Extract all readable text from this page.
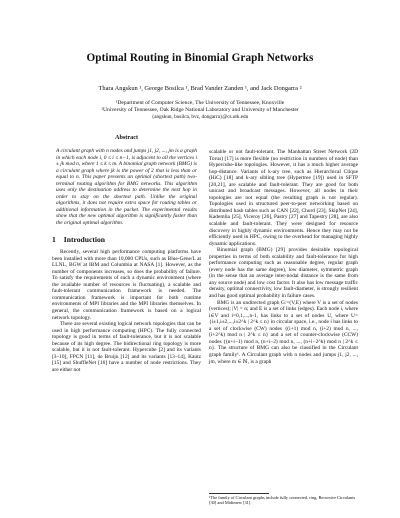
Optimal Routing in Binomial Graph Networks
Thara Angskun ¹, George Bosilca ¹, Brad Vander Zanden ¹, and Jack Dongarra ²
¹Department of Computer Science, The University of Tennessee, Knoxville
²University of Tennessee, Oak Ridge National Laboratory and University of Manchester
{angskun, bosilca, bvz, dongarra}@cs.utk.edu
Abstract

A circulant graph with n nodes and jumps j1, j2, ..., jm is a graph in which each node i, 0 ≤ i ≤ n−1, is adjacent to all the vertices i ± jk mod n, where 1 ≤ k ≤ m. A binomial graph network (BMG) is a circulant graph where jk is the power of 2 that is less than or equal to n. This paper presents an optimal (shortest path) two-terminal routing algorithm for BMG networks. This algorithm uses only the destination address to determine the next hop in order to stay on the shortest path. Unlike the original algorithms, it does not require extra space for routing tables or additional information in the packet. The experimental results show that the new optimal algorithm is significantly faster than the original optimal algorithm.

1 Introduction

Recently, several high performance computing platforms have been installed with more than 10,000 CPUs, such as Blue-Gene/L at LLNL, BGW at IBM and Columbia at NASA [1]. However, as the number of components increases, so does the probability of failure. To satisfy the requirements of such a dynamic environment (where the available number of resources is fluctuating), a scalable and fault-tolerant communication framework is needed. The communication framework is important for both runtime environments of MPI libraries and the MPI libraries themselves. In general, the communication framework is based on a logical network topology.

There are several existing logical network topologies that can be used in high performance computing (HPC). The fully connected topology is good in terms of fault-tolerance, but it is not scalable because of its high degree. The bidirectional ring topology is more scalable, but it is not fault-tolerant. Hypercube [2] and its variants [3–10], FPCN [11], de Bruijn [12] and its variants [13–14], Kautz [15] and ShuffleNet [16] have a number of node restrictions. They are either not

scalable or not fault-tolerant. The Manhattan Street Network (2D Torus) [17] is more flexible (no restriction in numbers of node) than Hypercube-like topologies. However, it has a much higher average hop-distance. Variants of k-ary tree, such as Hierarchical Clique (HiC) [18] and k-ary sibling tree (Hypertree [19]) used in SFTP [20,21], are scalable and fault-tolerant. They are good for both unicast and broadcast messages. However, all nodes in their topologies are not equal (the resulting graph is not regular). Topologies used in structured peer-to-peer networking based on distributed hash tables such as CAN [22], Chord [23], SkipNet [24], Kademlia [25], Viceroy [26], Pastry [27] and Tapestry [28], are also scalable and fault-tolerant. They were designed for resource discovery in highly dynamic environments. Hence they may not be efficiently used in HPC, owing to the overhead for managing highly dynamic applications.

Binomial graph (BMG) [29] provides desirable topological properties in terms of both scalability and fault-tolerance for high performance computing such as reasonable degree, regular graph (every node has the same degree), low diameter, symmetric graph (in the sense that an average inter-nodal distance is the same from any source node) and low cost factor. It also has low message traffic density, optimal connectivity, low fault-diameter, is strongly resilient and has good optimal probability in failure cases.

BMG is an undirected graph G:=(V,E) where V is a set of nodes (vertices); |V| = n; and E is a set of links (edges). Each node i, where i∈V and i=0,1,...,n-1, has links to a set of nodes U, where U={i±1,i±2,...,i±2^k | 2^k ≤ n} in circular space, i.e., node i has links to a set of clockwise (CW) nodes {(i+1) mod n, (i+2) mod n, ..., (i+2^k) mod n | 2^k ≤ n} and a set of counter-clockwise (CCW) nodes {(n+i−1) mod n, (n+i−2) mod n, ..., (n+i−2^k) mod n | 2^k ≤ n}. The structure of BMG can also be classified in the Circulant graph family¹. A Circulant graph with n nodes and jumps j1, j2, ..., jm, where m ∈ ℕ, is a graph

¹The family of Circulant graphs include fully connected, ring, Recursive Circulants [30] and Midimew [31].
